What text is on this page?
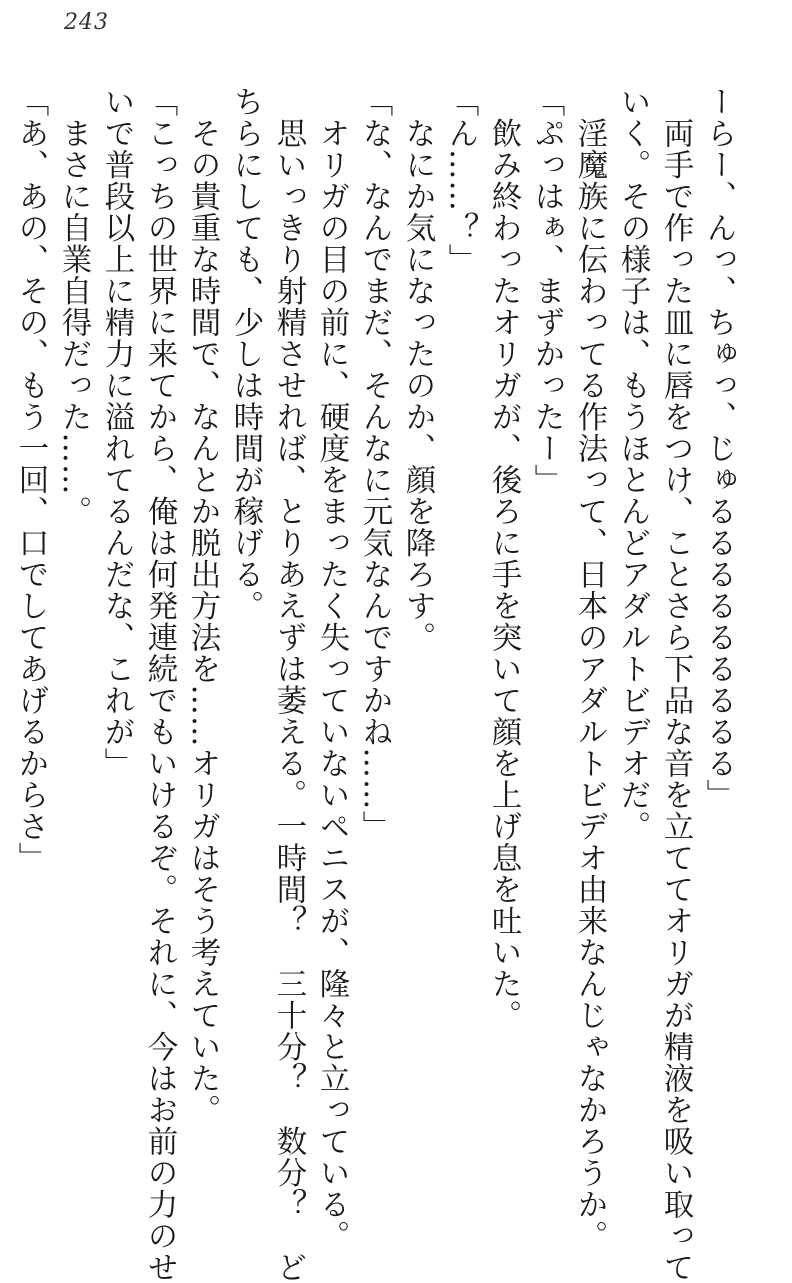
243
ーらー、んっ、ちゅっ、じゅるるるるるるるるる」
　両手で作った皿に唇をつけ、ことさら下品な音を立ててオリガが精液を吸い取って
いく。その様子は、もうほとんどアダルトビデオだ。
　淫魔族に伝わってる作法って、日本のアダルトビデオ由来なんじゃなかろうか。
「ぷっはぁ、まずかったー」
　飲み終わったオリガが、後ろに手を突いて顔を上げ息を吐いた。
「ん……？」
　なにか気になったのか、顔を降ろす。
「な、なんでまだ、そんなに元気なんですかね……」
　オリガの目の前に、硬度をまったく失っていないペニスが、隆々と立っている。
　思いっきり射精させれば、とりあえずは萎える。一時間？　三十分？　数分？　ど
ちらにしても、少しは時間が稼げる。
　その貴重な時間で、なんとか脱出方法を……オリガはそう考えていた。
「こっちの世界に来てから、俺は何発連続でもいけるぞ。それに、今はお前の力のせ
いで普段以上に精力に溢れてるんだな、これが」
　まさに自業自得だった……。
「あ、あの、その、もう一回、口でしてあげるからさ」
